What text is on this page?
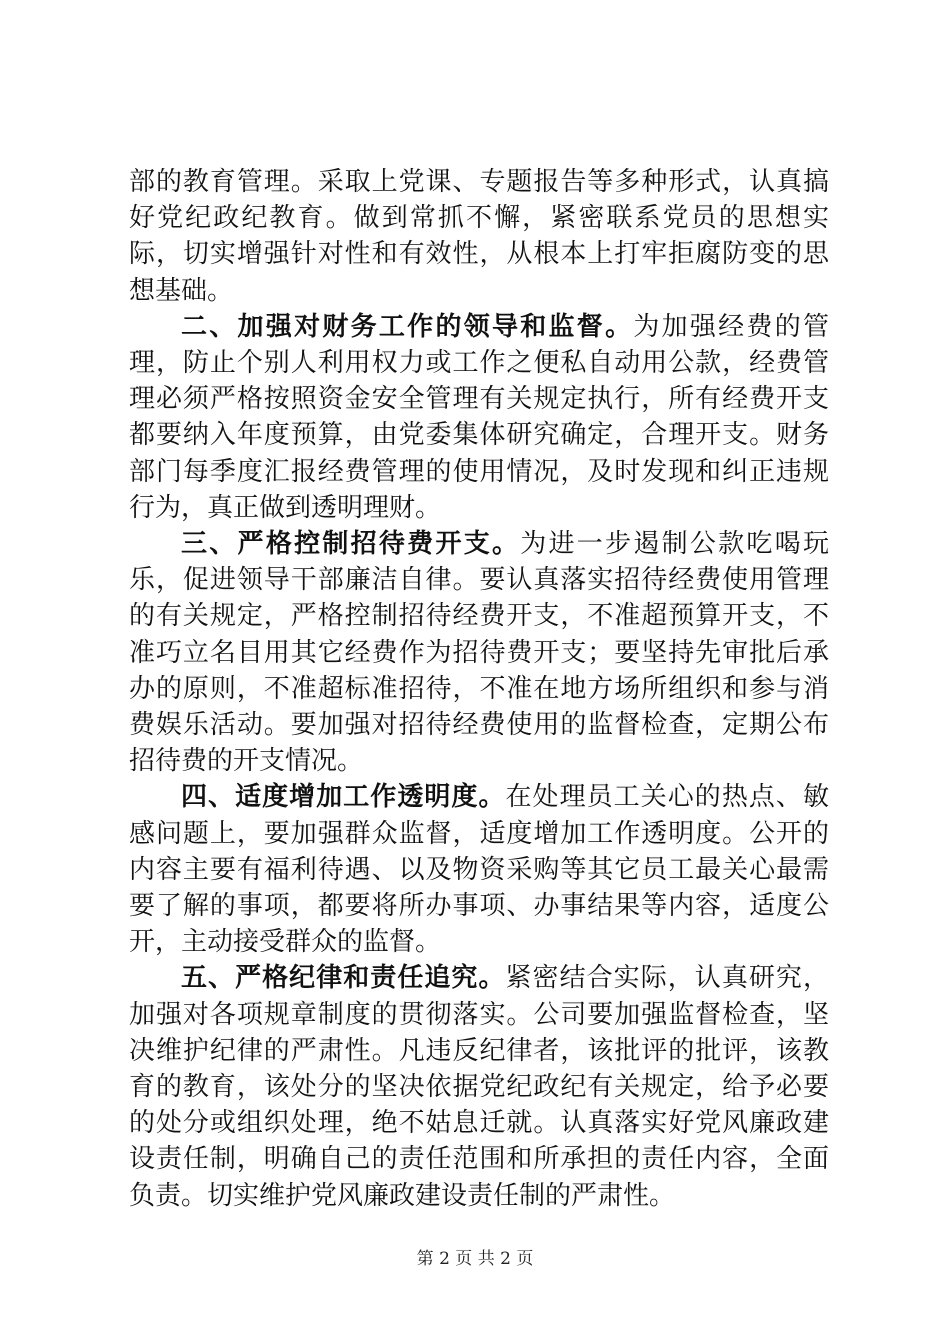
部的教育管理。采取上党课、专题报告等多种形式，认真搞好党纪政纪教育。做到常抓不懈，紧密联系党员的思想实际，切实增强针对性和有效性，从根本上打牢拒腐防变的思想基础。

二、加强对财务工作的领导和监督。为加强经费的管理，防止个别人利用权力或工作之便私自动用公款，经费管理必须严格按照资金安全管理有关规定执行，所有经费开支都要纳入年度预算，由党委集体研究确定，合理开支。财务部门每季度汇报经费管理的使用情况，及时发现和纠正违规行为，真正做到透明理财。

三、严格控制招待费开支。为进一步遏制公款吃喝玩乐，促进领导干部廉洁自律。要认真落实招待经费使用管理的有关规定，严格控制招待经费开支，不准超预算开支，不准巧立名目用其它经费作为招待费开支；要坚持先审批后承办的原则，不准超标准招待，不准在地方场所组织和参与消费娱乐活动。要加强对招待经费使用的监督检查，定期公布招待费的开支情况。

四、适度增加工作透明度。在处理员工关心的热点、敏感问题上，要加强群众监督，适度增加工作透明度。公开的内容主要有福利待遇、以及物资采购等其它员工最关心最需要了解的事项，都要将所办事项、办事结果等内容，适度公开，主动接受群众的监督。

五、严格纪律和责任追究。紧密结合实际，认真研究，加强对各项规章制度的贯彻落实。公司要加强监督检查，坚决维护纪律的严肃性。凡违反纪律者，该批评的批评，该教育的教育，该处分的坚决依据党纪政纪有关规定，给予必要的处分或组织处理，绝不姑息迁就。认真落实好党风廉政建设责任制，明确自己的责任范围和所承担的责任内容，全面负责。切实维护党风廉政建设责任制的严肃性。

第 2 页 共 2 页
